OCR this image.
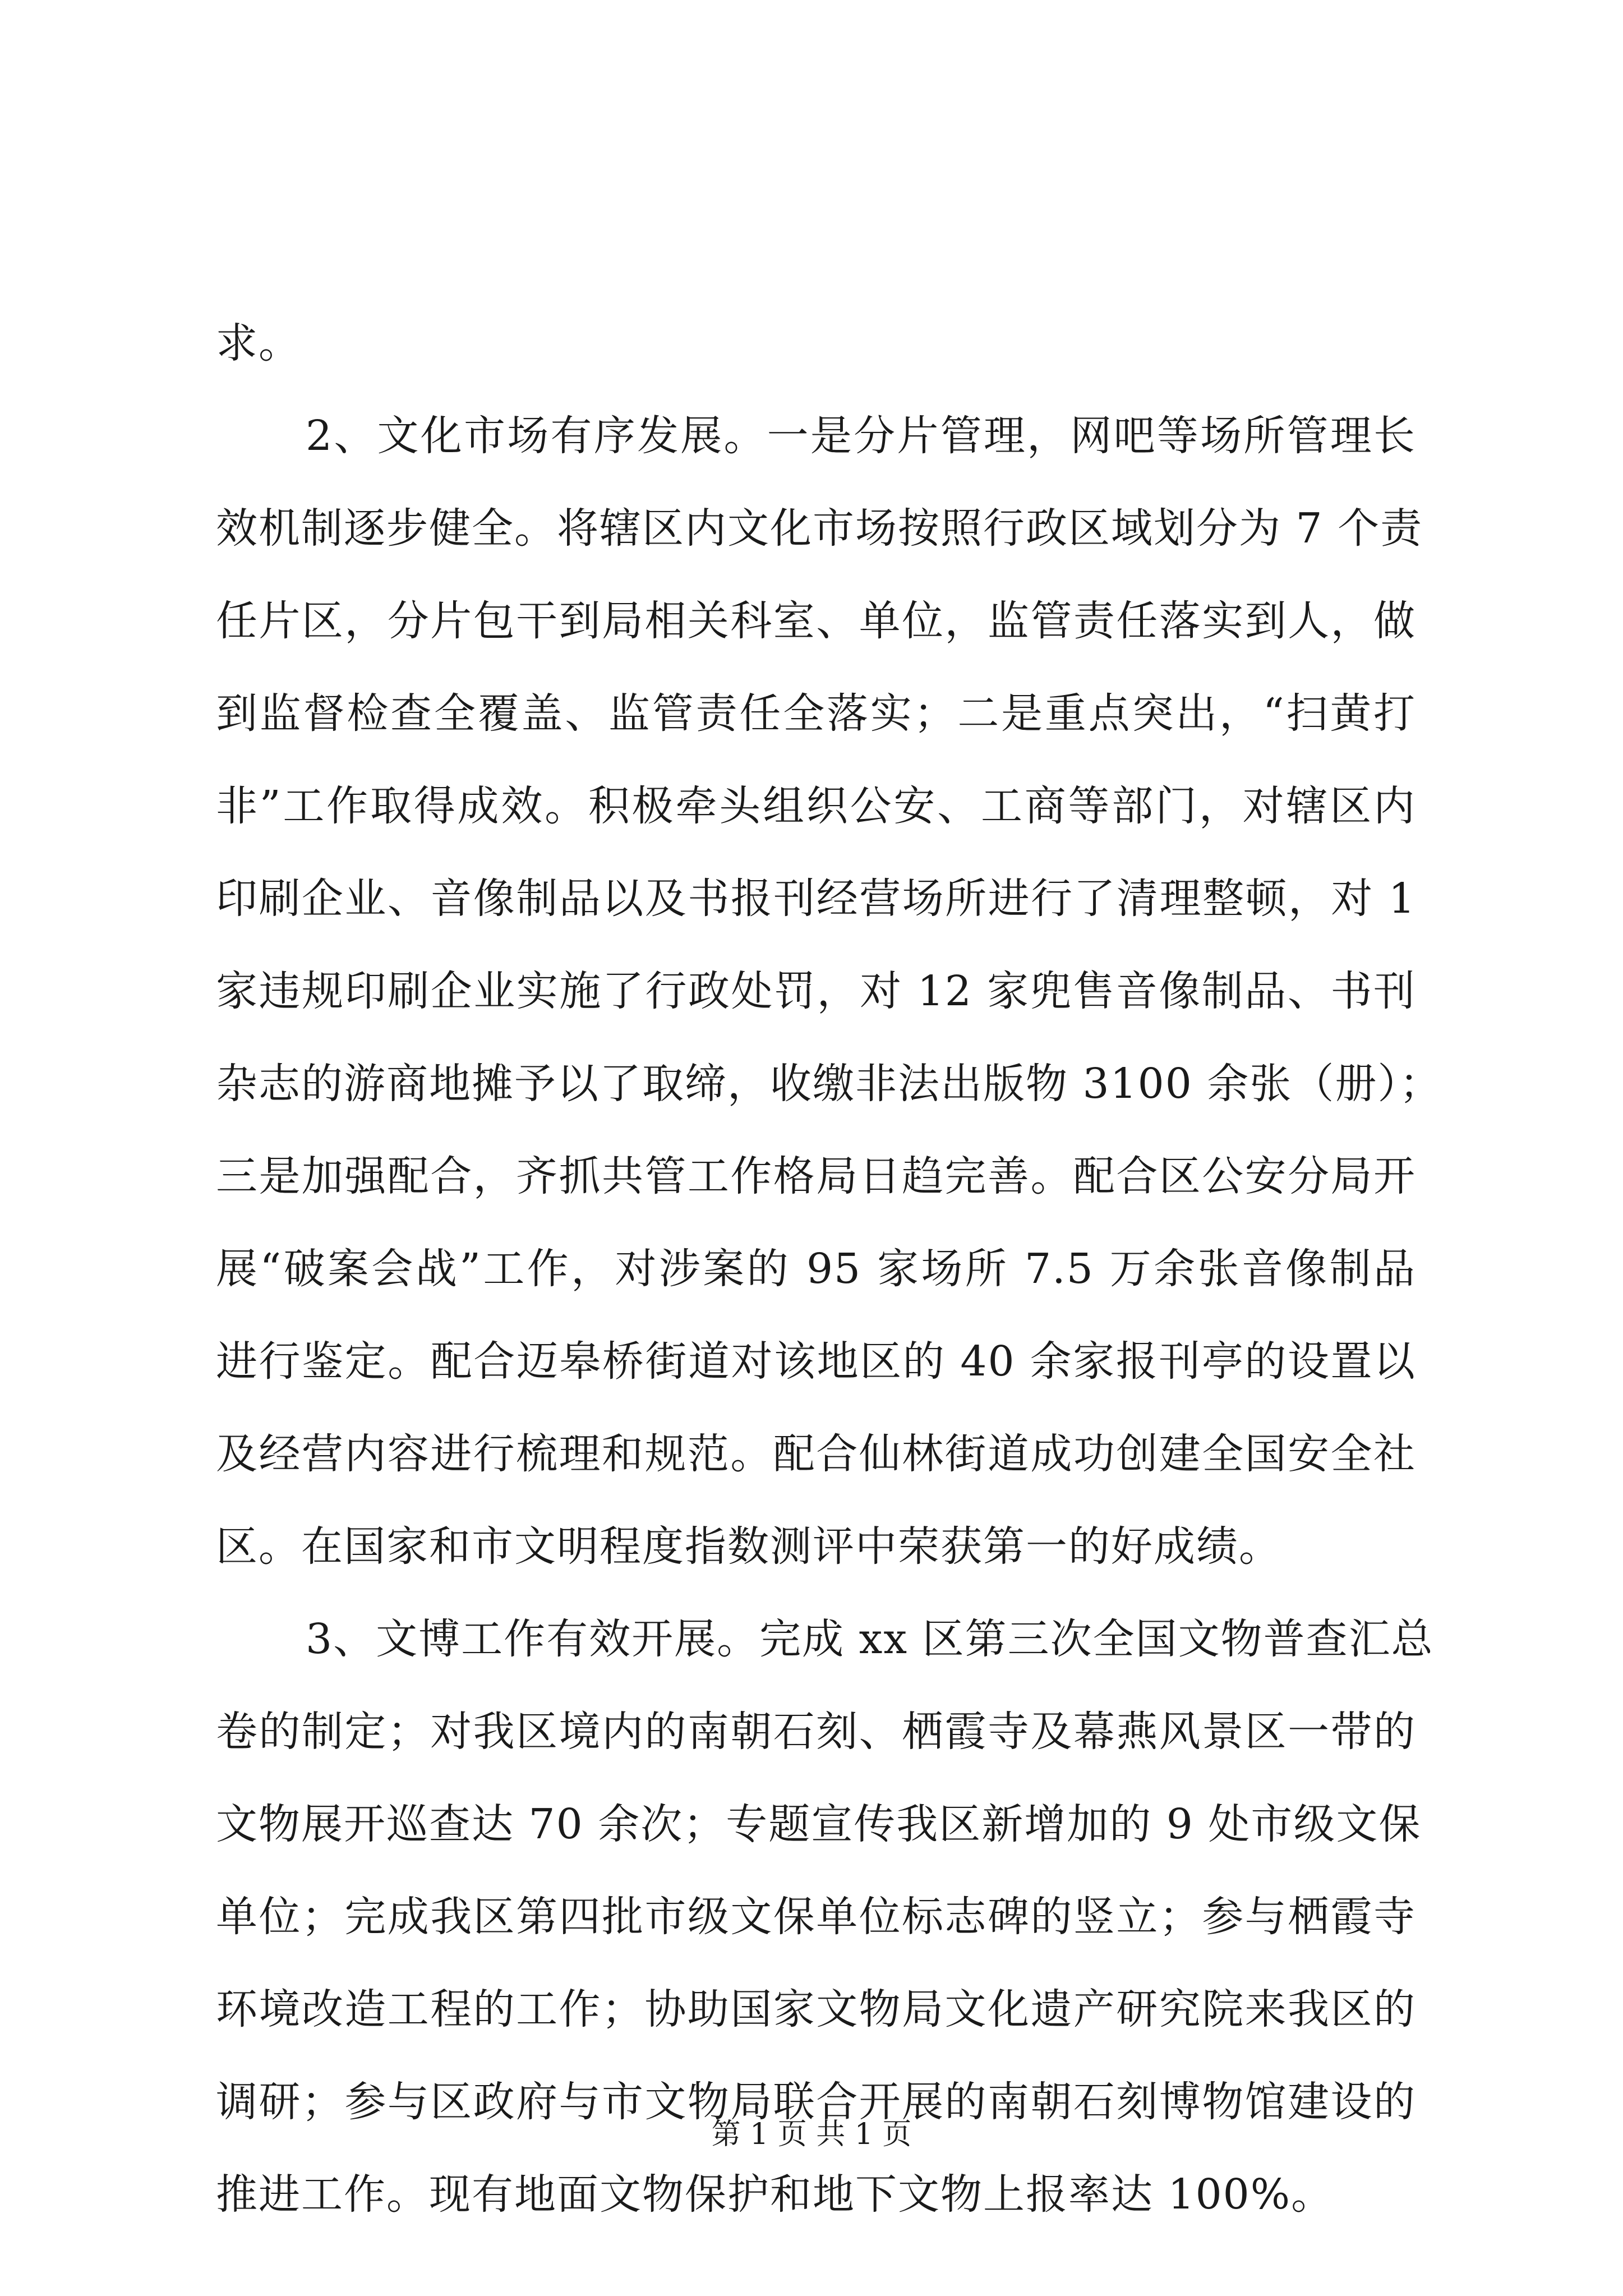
求。
2、文化市场有序发展。一是分片管理，网吧等场所管理长
效机制逐步健全。将辖区内文化市场按照行政区域划分为 7 个责
任片区，分片包干到局相关科室、单位，监管责任落实到人，做
到监督检查全覆盖、监管责任全落实；二是重点突出，“扫黄打
非”工作取得成效。积极牵头组织公安、工商等部门，对辖区内
印刷企业、音像制品以及书报刊经营场所进行了清理整顿，对 1
家违规印刷企业实施了行政处罚，对 12 家兜售音像制品、书刊
杂志的游商地摊予以了取缔，收缴非法出版物 3100 余张（册）；
三是加强配合，齐抓共管工作格局日趋完善。配合区公安分局开
展“破案会战”工作，对涉案的 95 家场所 7.5 万余张音像制品
进行鉴定。配合迈皋桥街道对该地区的 40 余家报刊亭的设置以
及经营内容进行梳理和规范。配合仙林街道成功创建全国安全社
区。在国家和市文明程度指数测评中荣获第一的好成绩。
3、文博工作有效开展。完成 xx 区第三次全国文物普查汇总
卷的制定；对我区境内的南朝石刻、栖霞寺及幕燕风景区一带的
文物展开巡查达 70 余次；专题宣传我区新增加的 9 处市级文保
单位；完成我区第四批市级文保单位标志碑的竖立；参与栖霞寺
环境改造工程的工作；协助国家文物局文化遗产研究院来我区的
调研；参与区政府与市文物局联合开展的南朝石刻博物馆建设的
推进工作。现有地面文物保护和地下文物上报率达 100%。
第 1 页 共 1 页
